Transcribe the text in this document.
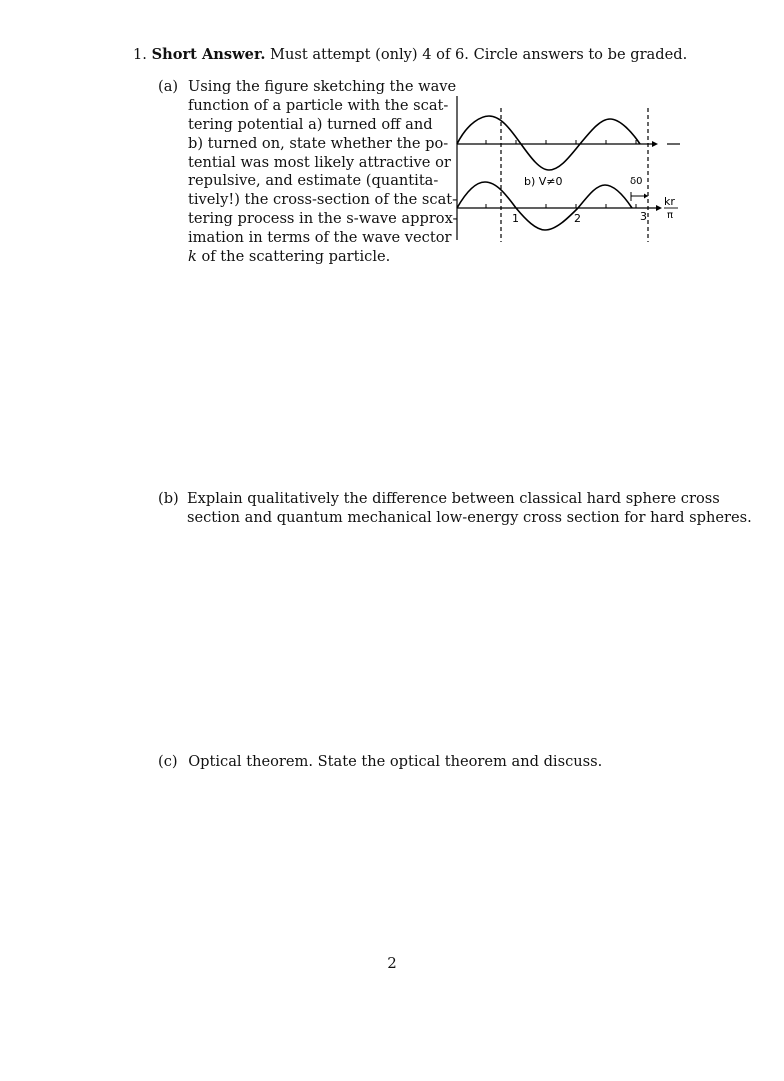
1. Short Answer. Must attempt (only) 4 of 6. Circle answers to be graded.
(a) Using the figure sketching the wave
function of a particle with the scat-
tering potential a) turned off and
b) turned on, state whether the po-
tential was most likely attractive or
repulsive, and estimate (quantita-
tively!) the cross-section of the scat-
tering process in the s-wave approx-
imation in terms of the wave vector
k of the scattering particle.
b) V≠0	δ0
1	2	3
kr
π
(b) Explain qualitatively the difference between classical hard sphere cross
section and quantum mechanical low-energy cross section for hard spheres.
(c) Optical theorem. State the optical theorem and discuss.
2
